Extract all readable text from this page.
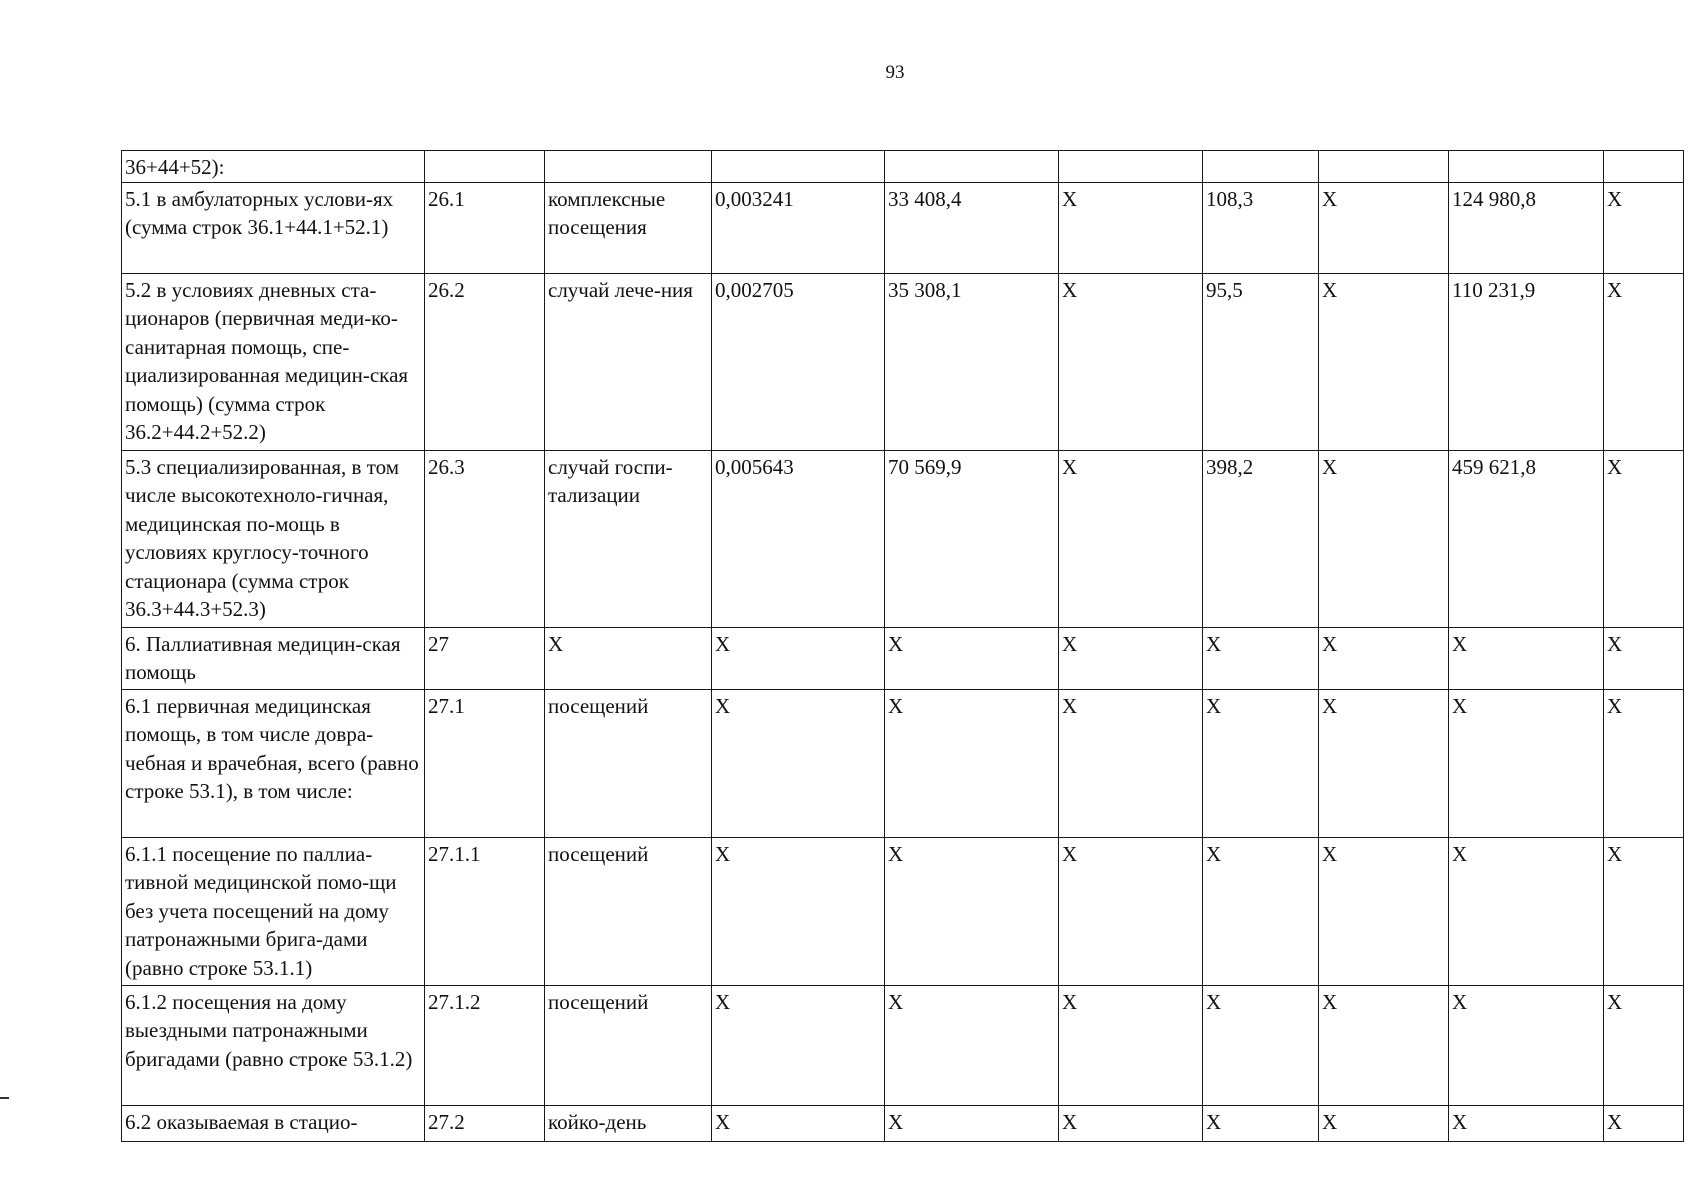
93
36+44+52):									
5.1 в амбулаторных услови-ях (сумма строк 36.1+44.1+52.1)	26.1	комплексные посещения	0,003241	33 408,4	X	108,3	X	124 980,8	X
5.2 в условиях дневных ста-ционаров (первичная меди-ко-санитарная помощь, спе-циализированная медицин-ская помощь) (сумма строк 36.2+44.2+52.2)	26.2	случай лече-ния	0,002705	35 308,1	X	95,5	X	110 231,9	X
5.3 специализированная, в том числе высокотехноло-гичная, медицинская по-мощь в условиях круглосу-точного стационара (сумма строк 36.3+44.3+52.3)	26.3	случай госпи-тализации	0,005643	70 569,9	X	398,2	X	459 621,8	X
6. Паллиативная медицин-ская помощь	27	X	X	X	X	X	X	X	X
6.1 первичная медицинская помощь, в том числе довра-чебная и врачебная, всего (равно строке 53.1), в том числе:	27.1	посещений	X	X	X	X	X	X	X
6.1.1 посещение по паллиа-тивной медицинской помо-щи без учета посещений на дому патронажными брига-дами (равно строке 53.1.1)	27.1.1	посещений	X	X	X	X	X	X	X
6.1.2 посещения на дому выездными патронажными бригадами (равно строке 53.1.2)	27.1.2	посещений	X	X	X	X	X	X	X
6.2 оказываемая в стацио-	27.2	койко-день	X	X	X	X	X	X	X
